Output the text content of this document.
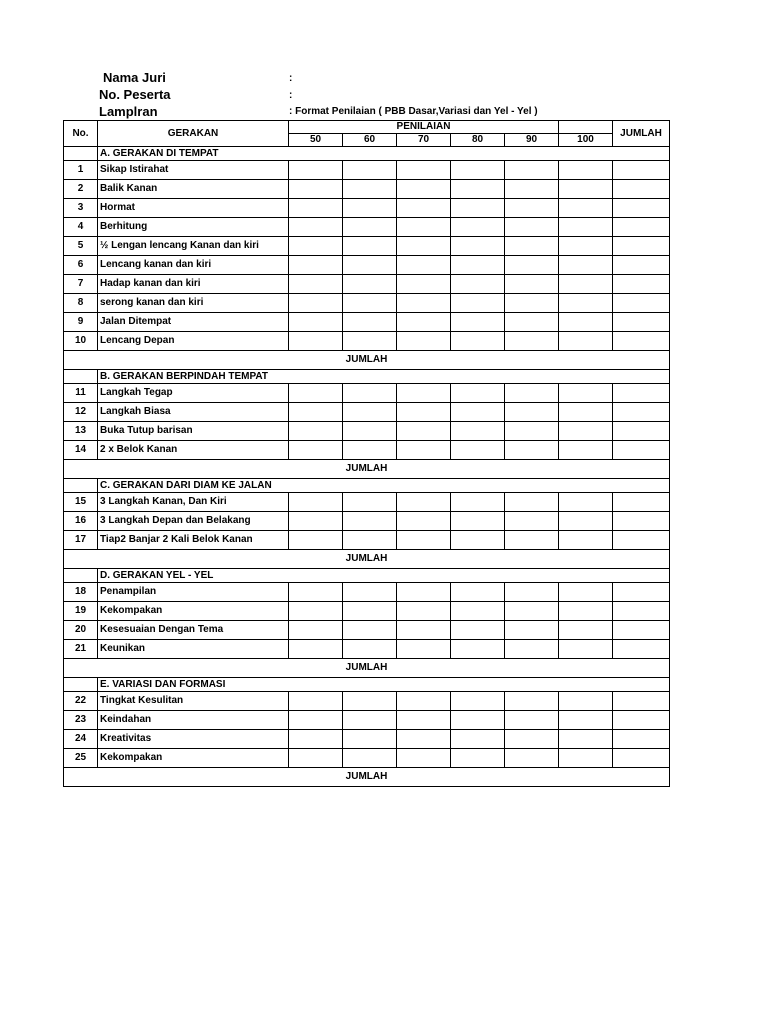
Nama Juri	:
No. Peserta	:
Lamplran	: Format Penilaian ( PBB Dasar,Variasi dan Yel - Yel )
No.	GERAKAN	PENILAIAN						JUMLAH
		50	60	70	80	90	100	
	A. GERAKAN DI TEMPAT							
1	Sikap Istirahat							
2	Balik Kanan							
3	Hormat							
4	Berhitung							
5	½ Lengan lencang Kanan dan kiri							
6	Lencang kanan dan kiri							
7	Hadap kanan dan kiri							
8	serong kanan dan kiri							
9	Jalan Ditempat							
10	Lencang Depan							
JUMLAH								
	B. GERAKAN BERPINDAH TEMPAT							
11	Langkah Tegap							
12	Langkah Biasa							
13	Buka Tutup barisan							
14	2 x Belok Kanan							
JUMLAH								
	C. GERAKAN DARI DIAM KE JALAN							
15	3 Langkah Kanan, Dan Kiri							
16	3 Langkah Depan dan Belakang							
17	Tiap2 Banjar 2 Kali Belok Kanan							
JUMLAH								
	D. GERAKAN YEL - YEL							
18	Penampilan							
19	Kekompakan							
20	Kesesuaian Dengan Tema							
21	Keunikan							
JUMLAH								
	E. VARIASI DAN FORMASI							
22	Tingkat Kesulitan							
23	Keindahan							
24	Kreativitas							
25	Kekompakan							
JUMLAH								
